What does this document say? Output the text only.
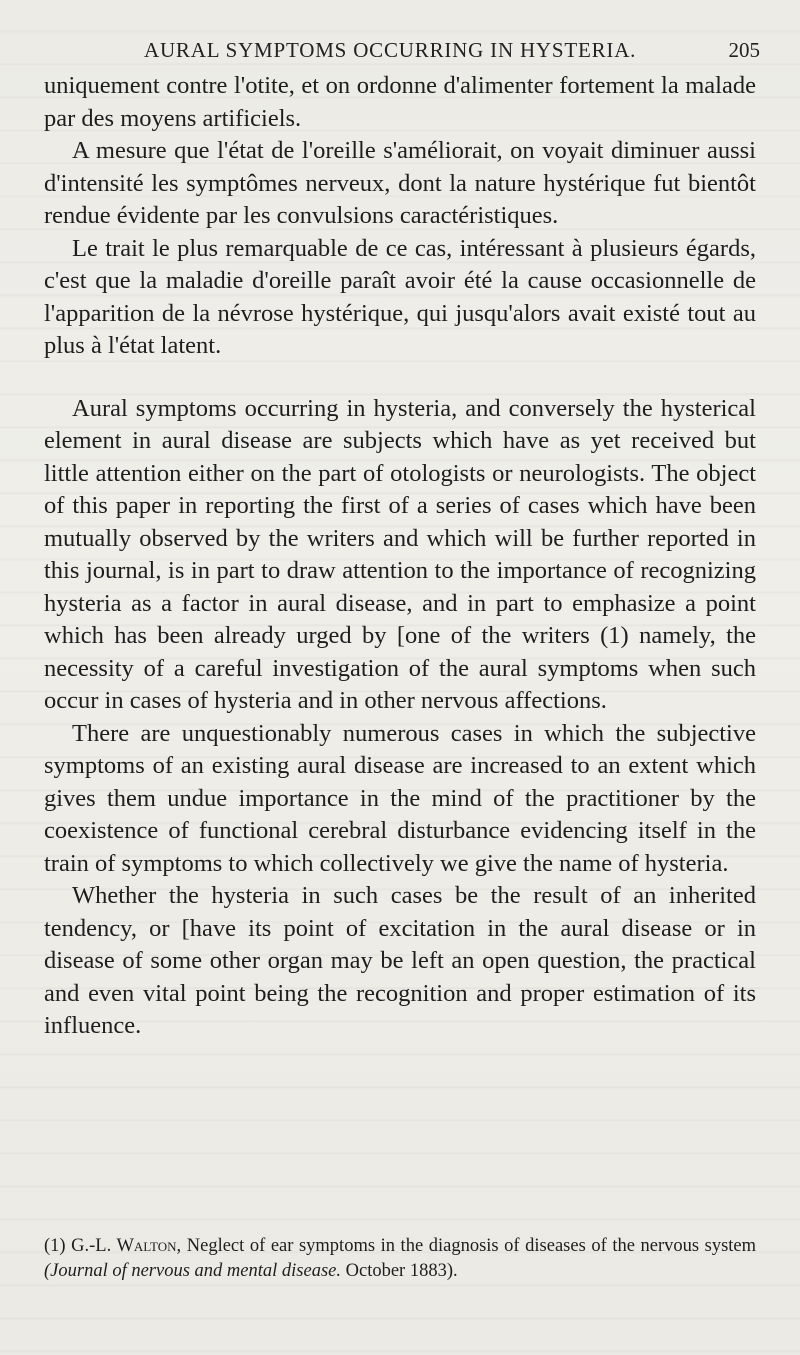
AURAL SYMPTOMS OCCURRING IN HYSTERIA.	205

uniquement contre l'otite, et on ordonne d'alimenter fortement la malade par des moyens artificiels.

A mesure que l'état de l'oreille s'améliorait, on voyait diminuer aussi d'intensité les symptômes nerveux, dont la nature hystérique fut bientôt rendue évidente par les convulsions caractéristiques.

Le trait le plus remarquable de ce cas, intéressant à plusieurs égards, c'est que la maladie d'oreille paraît avoir été la cause occasionnelle de l'apparition de la névrose hystérique, qui jusqu'alors avait existé tout au plus à l'état latent.

Aural symptoms occurring in hysteria, and conversely the hysterical element in aural disease are subjects which have as yet received but little attention either on the part of otologists or neurologists. The object of this paper in reporting the first of a series of cases which have been mutually observed by the writers and which will be further reported in this journal, is in part to draw attention to the importance of recognizing hysteria as a factor in aural disease, and in part to emphasize a point which has been already urged by [one of the writers (1) namely, the necessity of a careful investigation of the aural symptoms when such occur in cases of hysteria and in other nervous affections.

There are unquestionably numerous cases in which the subjective symptoms of an existing aural disease are increased to an extent which gives them undue importance in the mind of the practitioner by the coexistence of functional cerebral disturbance evidencing itself in the train of symptoms to which collectively we give the name of hysteria.

Whether the hysteria in such cases be the result of an inherited tendency, or [have its point of excitation in the aural disease or in disease of some other organ may be left an open question, the practical and even vital point being the recognition and proper estimation of its influence.

(1) G.-L. Walton, Neglect of ear symptoms in the diagnosis of diseases of the nervous system (Journal of nervous and mental disease. October 1883).
